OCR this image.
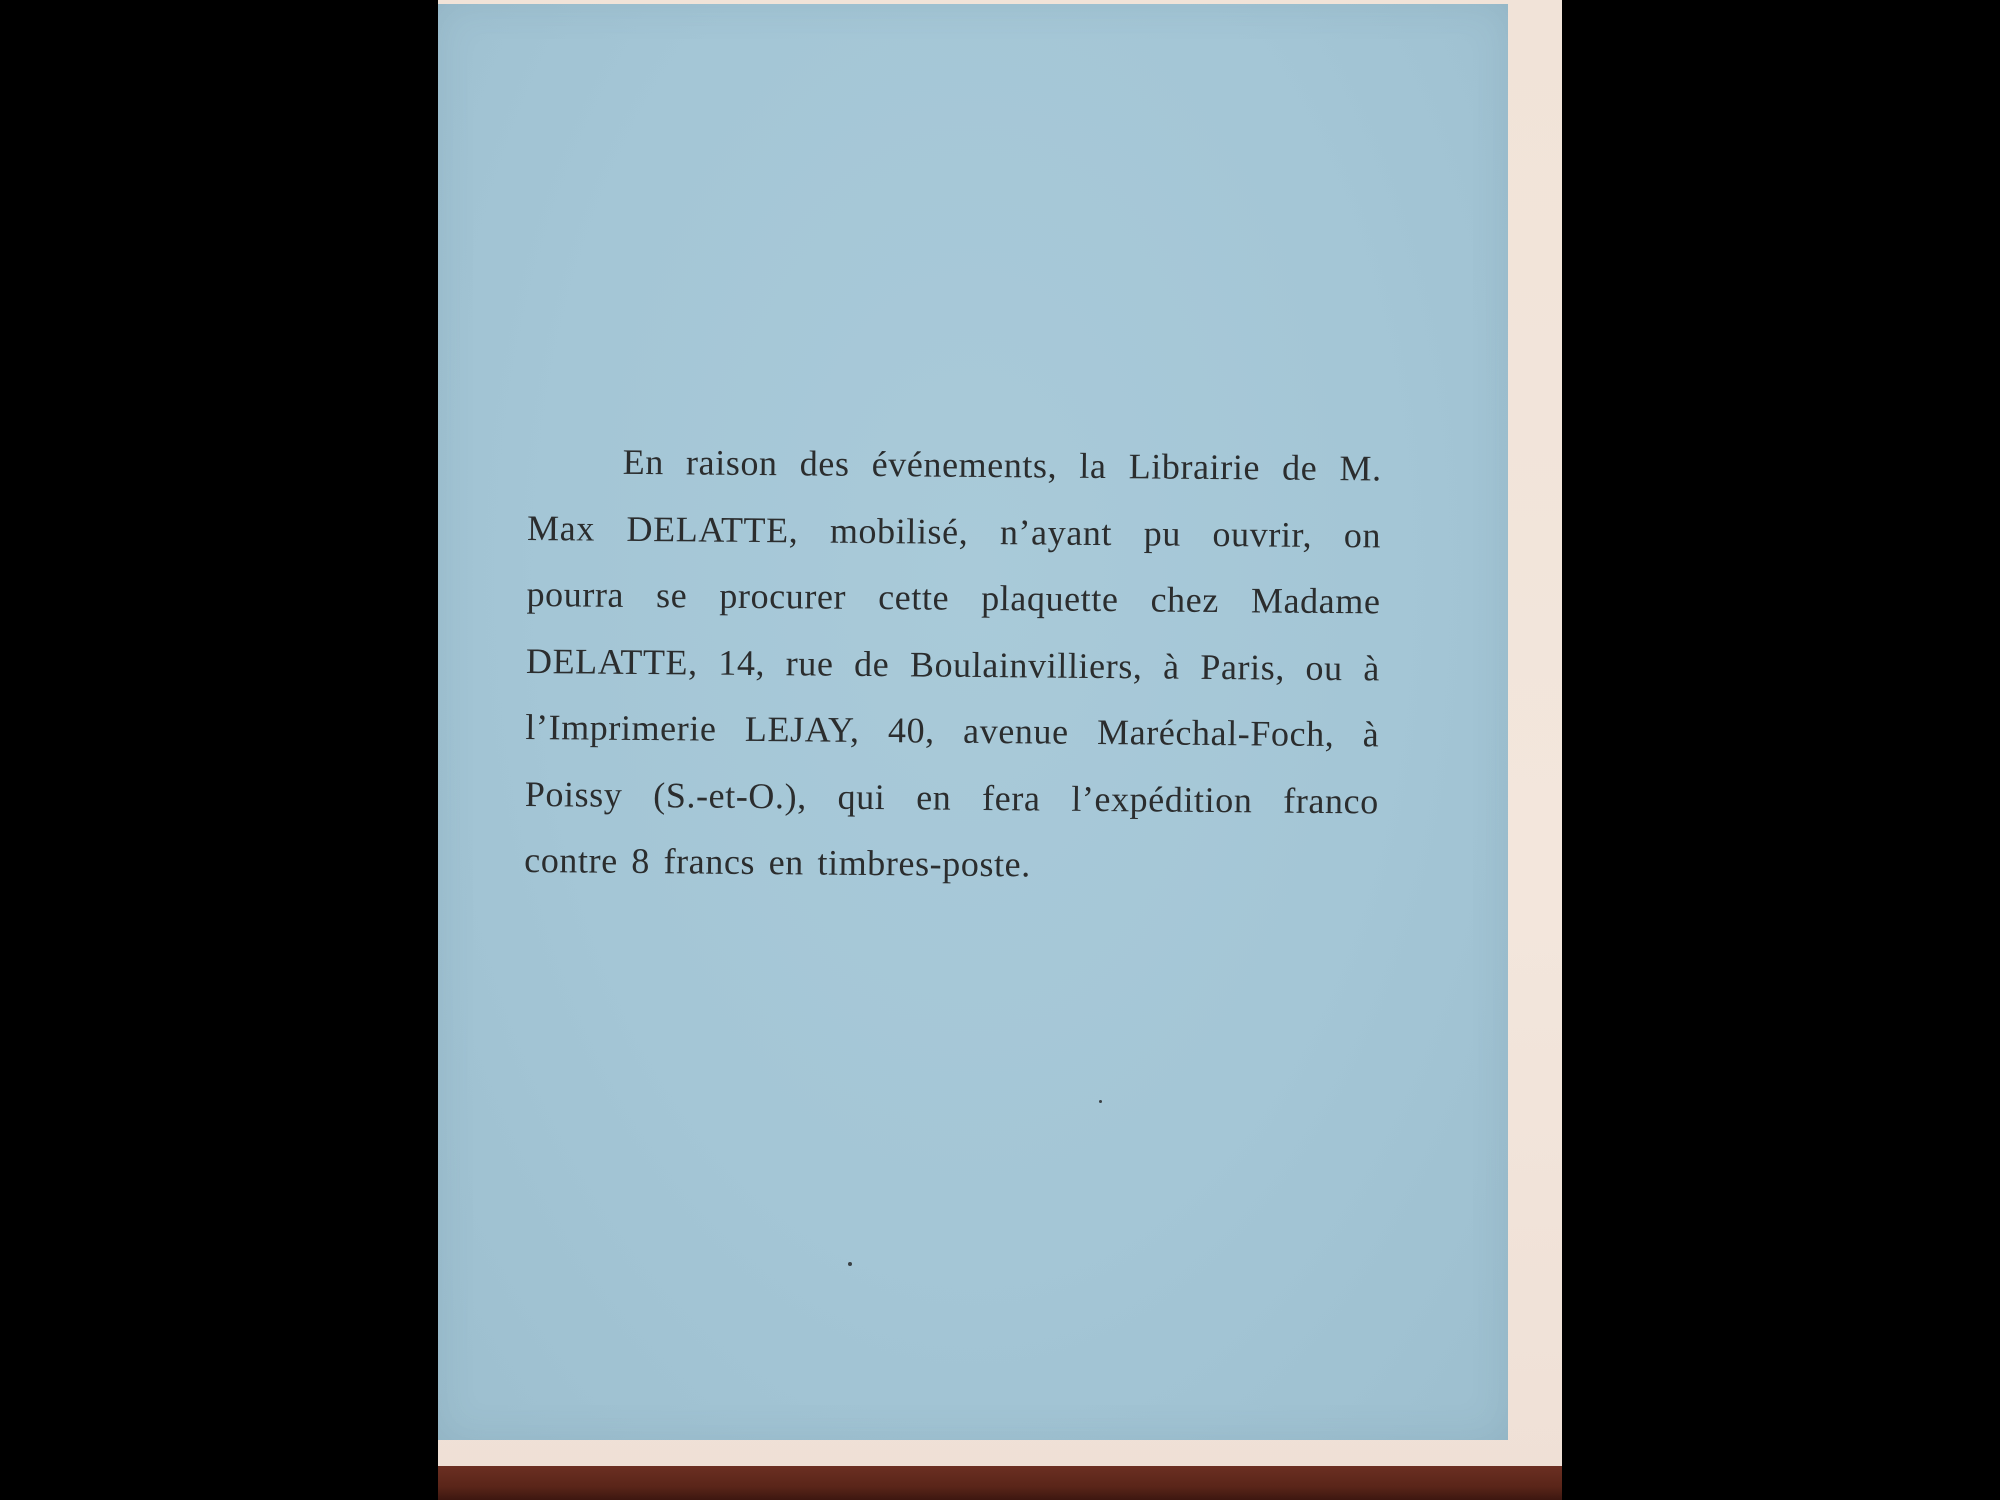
En raison des événements, la Librairie de M. Max DELATTE, mobilisé, n’ayant pu ouvrir, on pourra se procurer cette plaquette chez Madame DELATTE, 14, rue de Boulainvilliers, à Paris, ou à l’Imprimerie LEJAY, 40, avenue Maréchal-Foch, à Poissy (S.-et-O.), qui en fera l’expédition franco contre 8 francs en timbres-poste.
